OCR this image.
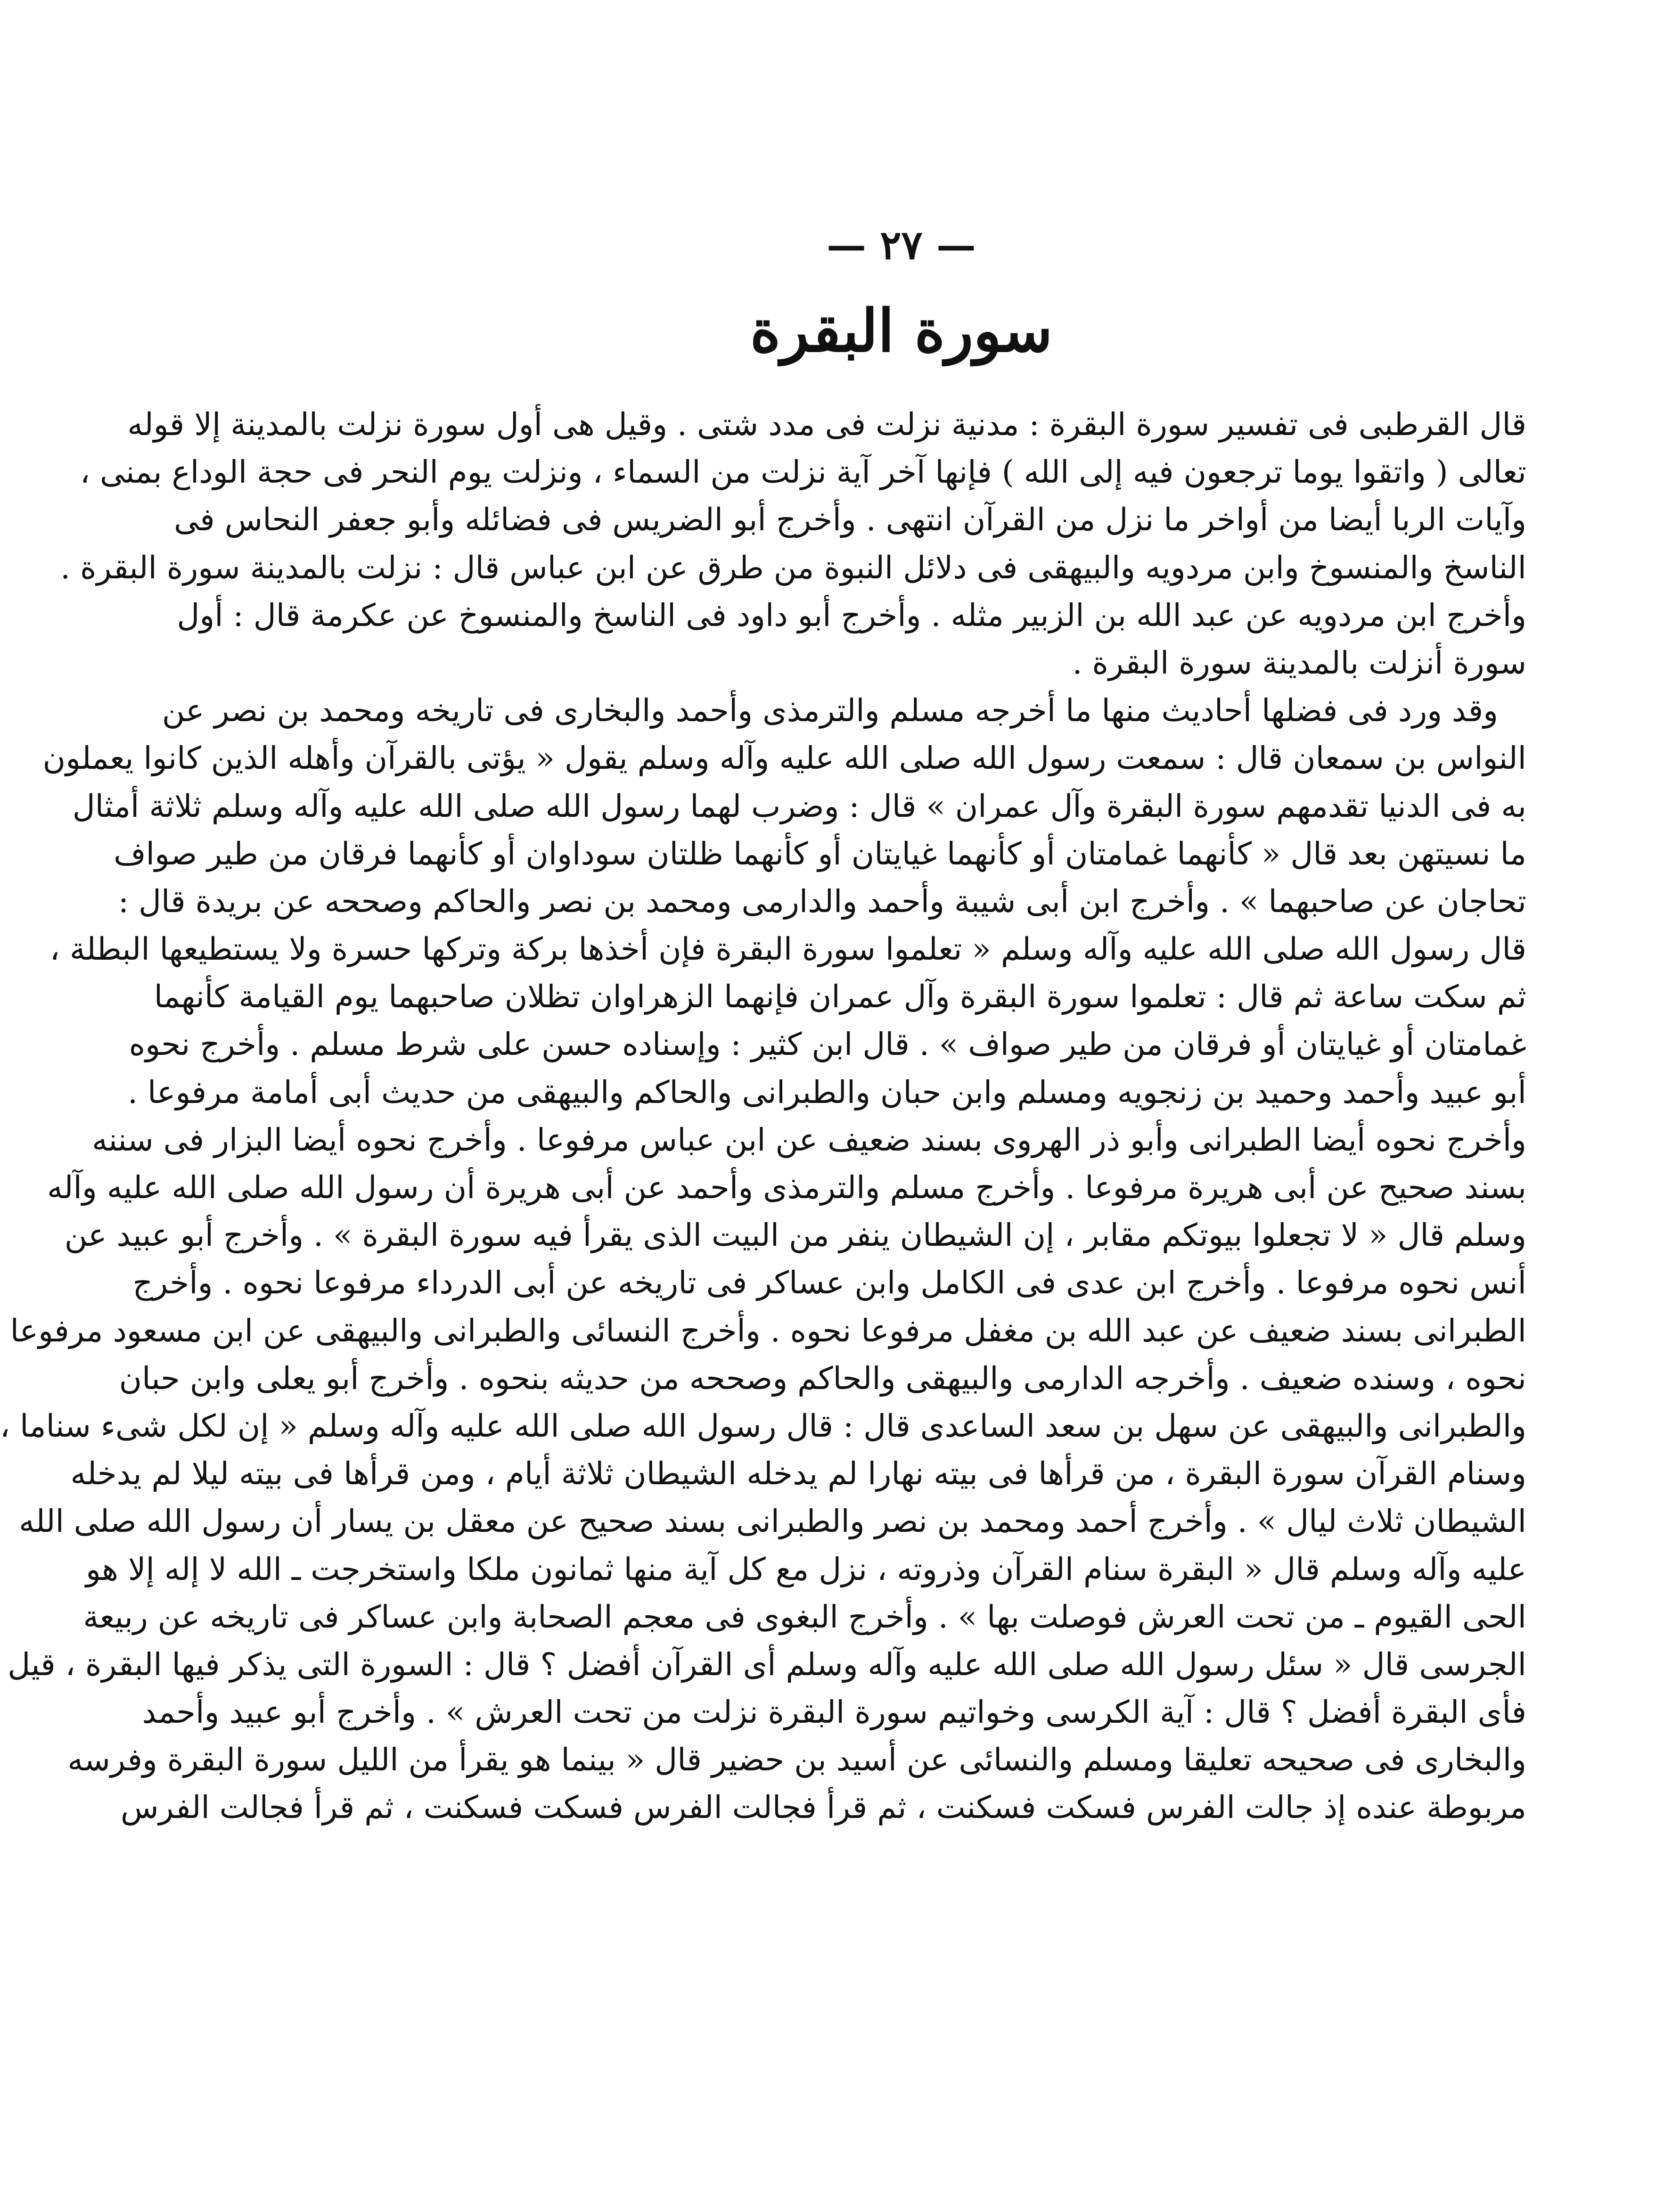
— ٢٧ —
سورة البقرة
قال القرطبى فى تفسير سورة البقرة : مدنية نزلت فى مدد شتى . وقيل هى أول سورة نزلت بالمدينة إلا قوله
تعالى ( واتقوا يوما ترجعون فيه إلى الله ) فإنها آخر آية نزلت من السماء ، ونزلت يوم النحر فى حجة الوداع بمنى ،
وآيات الربا أيضا من أواخر ما نزل من القرآن انتهى . وأخرج أبو الضريس فى فضائله وأبو جعفر النحاس فى
الناسخ والمنسوخ وابن مردويه والبيهقى فى دلائل النبوة من طرق عن ابن عباس قال : نزلت بالمدينة سورة البقرة .
وأخرج ابن مردويه عن عبد الله بن الزبير مثله . وأخرج أبو داود فى الناسخ والمنسوخ عن عكرمة قال : أول
سورة أنزلت بالمدينة سورة البقرة .
وقد ورد فى فضلها أحاديث منها ما أخرجه مسلم والترمذى وأحمد والبخارى فى تاريخه ومحمد بن نصر عن
النواس بن سمعان قال : سمعت رسول الله صلى الله عليه وآله وسلم يقول « يؤتى بالقرآن وأهله الذين كانوا يعملون
به فى الدنيا تقدمهم سورة البقرة وآل عمران » قال : وضرب لهما رسول الله صلى الله عليه وآله وسلم ثلاثة أمثال
ما نسيتهن بعد قال « كأنهما غمامتان أو كأنهما غيايتان أو كأنهما ظلتان سوداوان أو كأنهما فرقان من طير صواف
تحاجان عن صاحبهما » . وأخرج ابن أبى شيبة وأحمد والدارمى ومحمد بن نصر والحاكم وصححه عن بريدة قال :
قال رسول الله صلى الله عليه وآله وسلم « تعلموا سورة البقرة فإن أخذها بركة وتركها حسرة ولا يستطيعها البطلة ،
ثم سكت ساعة ثم قال : تعلموا سورة البقرة وآل عمران فإنهما الزهراوان تظلان صاحبهما يوم القيامة كأنهما
غمامتان أو غيايتان أو فرقان من طير صواف » . قال ابن كثير : وإسناده حسن على شرط مسلم . وأخرج نحوه
أبو عبيد وأحمد وحميد بن زنجويه ومسلم وابن حبان والطبرانى والحاكم والبيهقى من حديث أبى أمامة مرفوعا .
وأخرج نحوه أيضا الطبرانى وأبو ذر الهروى بسند ضعيف عن ابن عباس مرفوعا . وأخرج نحوه أيضا البزار فى سننه
بسند صحيح عن أبى هريرة مرفوعا . وأخرج مسلم والترمذى وأحمد عن أبى هريرة أن رسول الله صلى الله عليه وآله
وسلم قال « لا تجعلوا بيوتكم مقابر ، إن الشيطان ينفر من البيت الذى يقرأ فيه سورة البقرة » . وأخرج أبو عبيد عن
أنس نحوه مرفوعا . وأخرج ابن عدى فى الكامل وابن عساكر فى تاريخه عن أبى الدرداء مرفوعا نحوه . وأخرج
الطبرانى بسند ضعيف عن عبد الله بن مغفل مرفوعا نحوه . وأخرج النسائى والطبرانى والبيهقى عن ابن مسعود مرفوعا
نحوه ، وسنده ضعيف . وأخرجه الدارمى والبيهقى والحاكم وصححه من حديثه بنحوه . وأخرج أبو يعلى وابن حبان
والطبرانى والبيهقى عن سهل بن سعد الساعدى قال : قال رسول الله صلى الله عليه وآله وسلم « إن لكل شىء سناما ،
وسنام القرآن سورة البقرة ، من قرأها فى بيته نهارا لم يدخله الشيطان ثلاثة أيام ، ومن قرأها فى بيته ليلا لم يدخله
الشيطان ثلاث ليال » . وأخرج أحمد ومحمد بن نصر والطبرانى بسند صحيح عن معقل بن يسار أن رسول الله صلى الله
عليه وآله وسلم قال « البقرة سنام القرآن وذروته ، نزل مع كل آية منها ثمانون ملكا واستخرجت ـ الله لا إله إلا هو
الحى القيوم ـ من تحت العرش فوصلت بها » . وأخرج البغوى فى معجم الصحابة وابن عساكر فى تاريخه عن ربيعة
الجرسى قال « سئل رسول الله صلى الله عليه وآله وسلم أى القرآن أفضل ؟ قال : السورة التى يذكر فيها البقرة ، قيل
فأى البقرة أفضل ؟ قال : آية الكرسى وخواتيم سورة البقرة نزلت من تحت العرش » . وأخرج أبو عبيد وأحمد
والبخارى فى صحيحه تعليقا ومسلم والنسائى عن أسيد بن حضير قال « بينما هو يقرأ من الليل سورة البقرة وفرسه
مربوطة عنده إذ جالت الفرس فسكت فسكنت ، ثم قرأ فجالت الفرس فسكت فسكنت ، ثم قرأ فجالت الفرس
